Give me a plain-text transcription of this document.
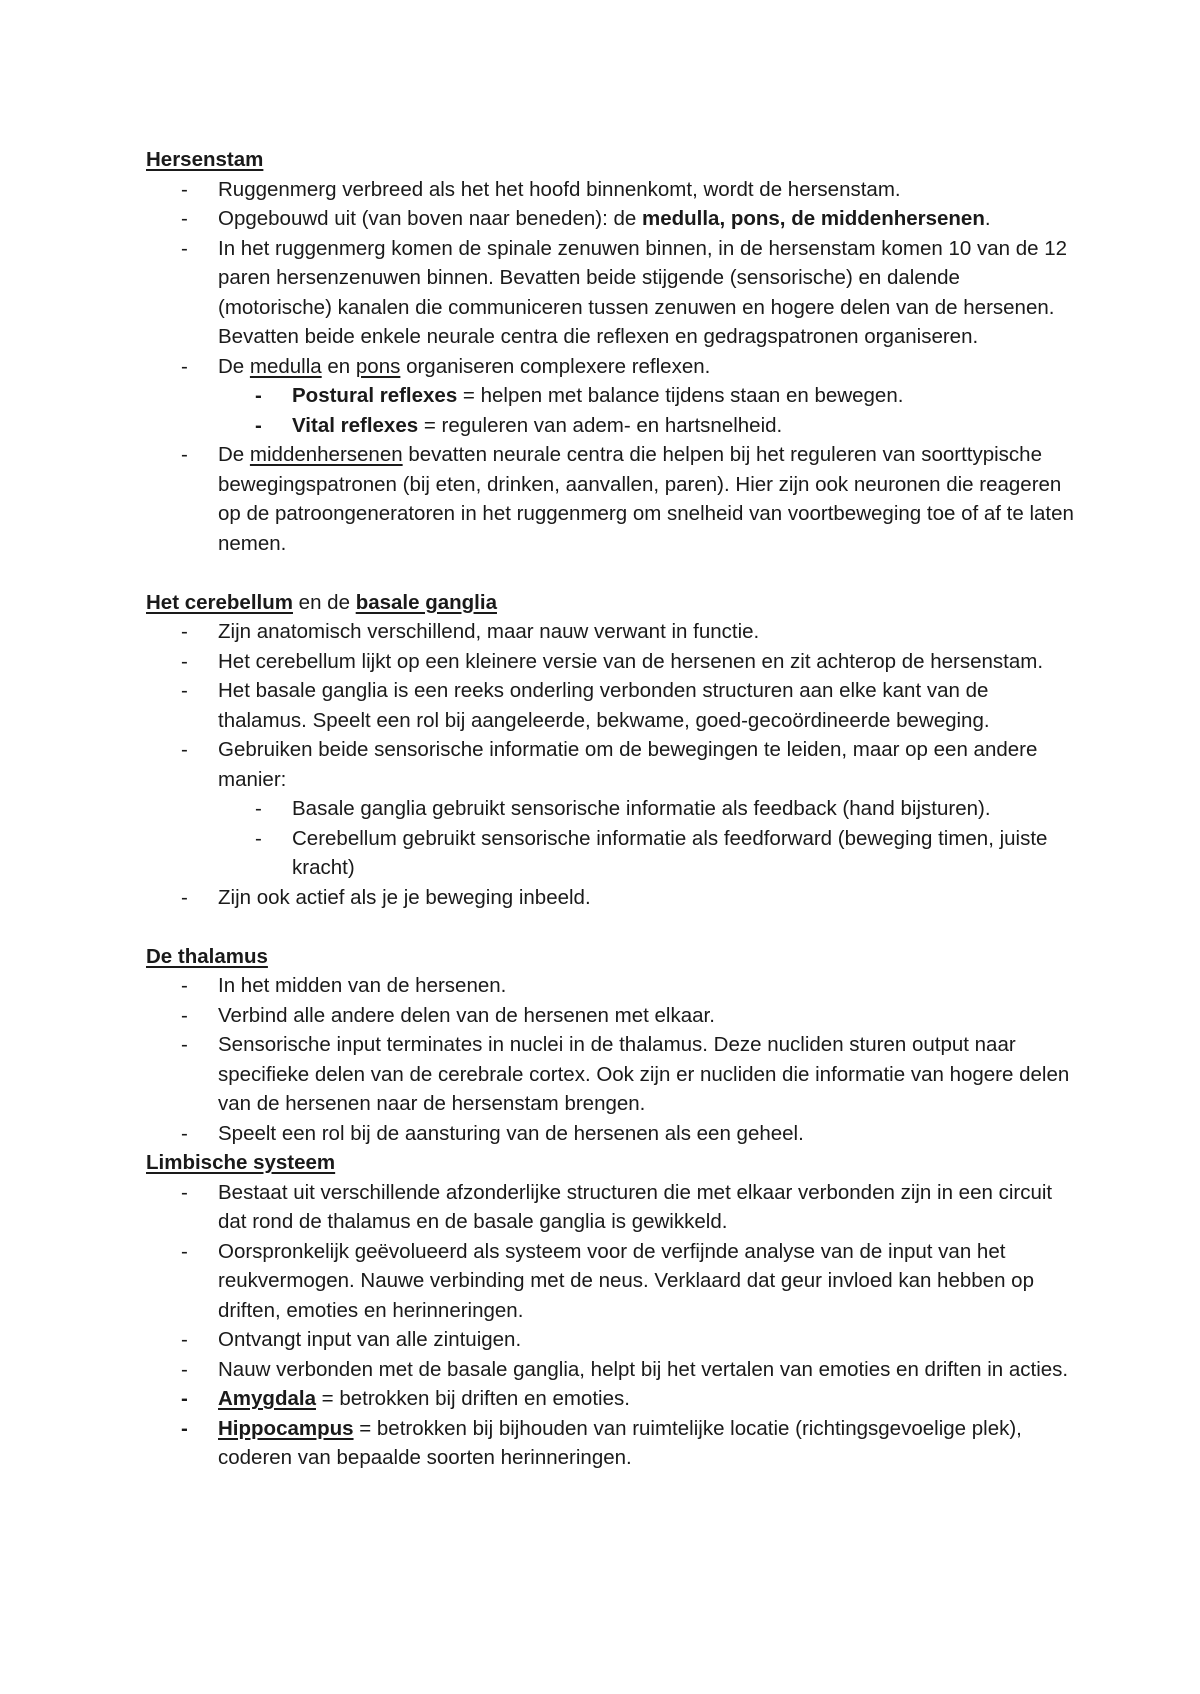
Hersenstam
- Ruggenmerg verbreed als het het hoofd binnenkomt, wordt de hersenstam.
- Opgebouwd uit (van boven naar beneden): de medulla, pons, de middenhersenen.
- In het ruggenmerg komen de spinale zenuwen binnen, in de hersenstam komen 10 van de 12 paren hersenzenuwen binnen. Bevatten beide stijgende (sensorische) en dalende (motorische) kanalen die communiceren tussen zenuwen en hogere delen van de hersenen. Bevatten beide enkele neurale centra die reflexen en gedragspatronen organiseren.
- De medulla en pons organiseren complexere reflexen.
- Postural reflexes = helpen met balance tijdens staan en bewegen.
- Vital reflexes = reguleren van adem- en hartsnelheid.
- De middenhersenen bevatten neurale centra die helpen bij het reguleren van soorttypische bewegingspatronen (bij eten, drinken, aanvallen, paren). Hier zijn ook neuronen die reageren op de patroongeneratoren in het ruggenmerg om snelheid van voortbeweging toe of af te laten nemen.
Het cerebellum en de basale ganglia
- Zijn anatomisch verschillend, maar nauw verwant in functie.
- Het cerebellum lijkt op een kleinere versie van de hersenen en zit achterop de hersenstam.
- Het basale ganglia is een reeks onderling verbonden structuren aan elke kant van de thalamus. Speelt een rol bij aangeleerde, bekwame, goed-gecoördineerde beweging.
- Gebruiken beide sensorische informatie om de bewegingen te leiden, maar op een andere manier:
- Basale ganglia gebruikt sensorische informatie als feedback (hand bijsturen).
- Cerebellum gebruikt sensorische informatie als feedforward (beweging timen, juiste kracht)
- Zijn ook actief als je je beweging inbeeld.
De thalamus
- In het midden van de hersenen.
- Verbind alle andere delen van de hersenen met elkaar.
- Sensorische input terminates in nuclei in de thalamus. Deze nucliden sturen output naar specifieke delen van de cerebrale cortex. Ook zijn er nucliden die informatie van hogere delen van de hersenen naar de hersenstam brengen.
- Speelt een rol bij de aansturing van de hersenen als een geheel.
Limbische systeem
- Bestaat uit verschillende afzonderlijke structuren die met elkaar verbonden zijn in een circuit dat rond de thalamus en de basale ganglia is gewikkeld.
- Oorspronkelijk geëvolueerd als systeem voor de verfijnde analyse van de input van het reukvermogen. Nauwe verbinding met de neus. Verklaard dat geur invloed kan hebben op driften, emoties en herinneringen.
- Ontvangt input van alle zintuigen.
- Nauw verbonden met de basale ganglia, helpt bij het vertalen van emoties en driften in acties.
- Amygdala = betrokken bij driften en emoties.
- Hippocampus = betrokken bij bijhouden van ruimtelijke locatie (richtingsgevoelige plek), coderen van bepaalde soorten herinneringen.
